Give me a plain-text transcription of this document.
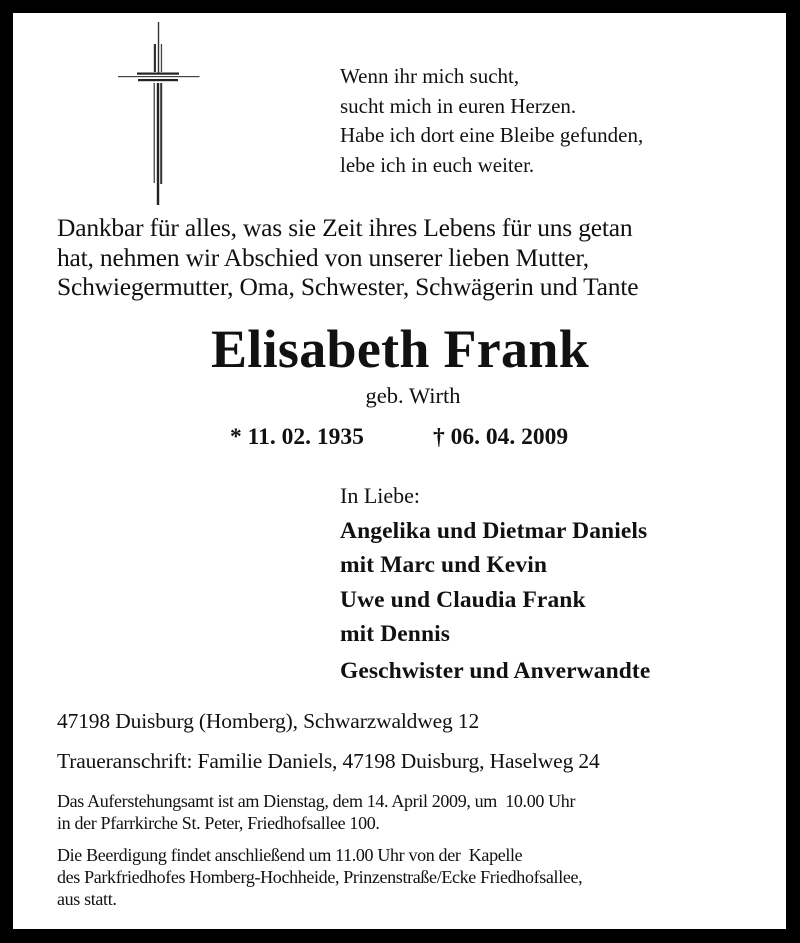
Wenn ihr mich sucht,
sucht mich in euren Herzen.
Habe ich dort eine Bleibe gefunden,
lebe ich in euch weiter.
Dankbar für alles, was sie Zeit ihres Lebens für uns getan
hat, nehmen wir Abschied von unserer lieben Mutter,
Schwiegermutter, Oma, Schwester, Schwägerin und Tante
Elisabeth Frank
geb. Wirth
* 11. 02. 1935	† 06. 04. 2009
In Liebe:
Angelika und Dietmar Daniels
mit Marc und Kevin
Uwe und Claudia Frank
mit Dennis
Geschwister und Anverwandte
47198 Duisburg (Homberg), Schwarzwaldweg 12
Traueranschrift: Familie Daniels, 47198 Duisburg, Haselweg 24
Das Auferstehungsamt ist am Dienstag, dem 14. April 2009, um  10.00 Uhr
in der Pfarrkirche St. Peter, Friedhofsallee 100.
Die Beerdigung findet anschließend um 11.00 Uhr von der  Kapelle
des Parkfriedhofes Homberg-Hochheide, Prinzenstraße/Ecke Friedhofsallee,
aus statt.
